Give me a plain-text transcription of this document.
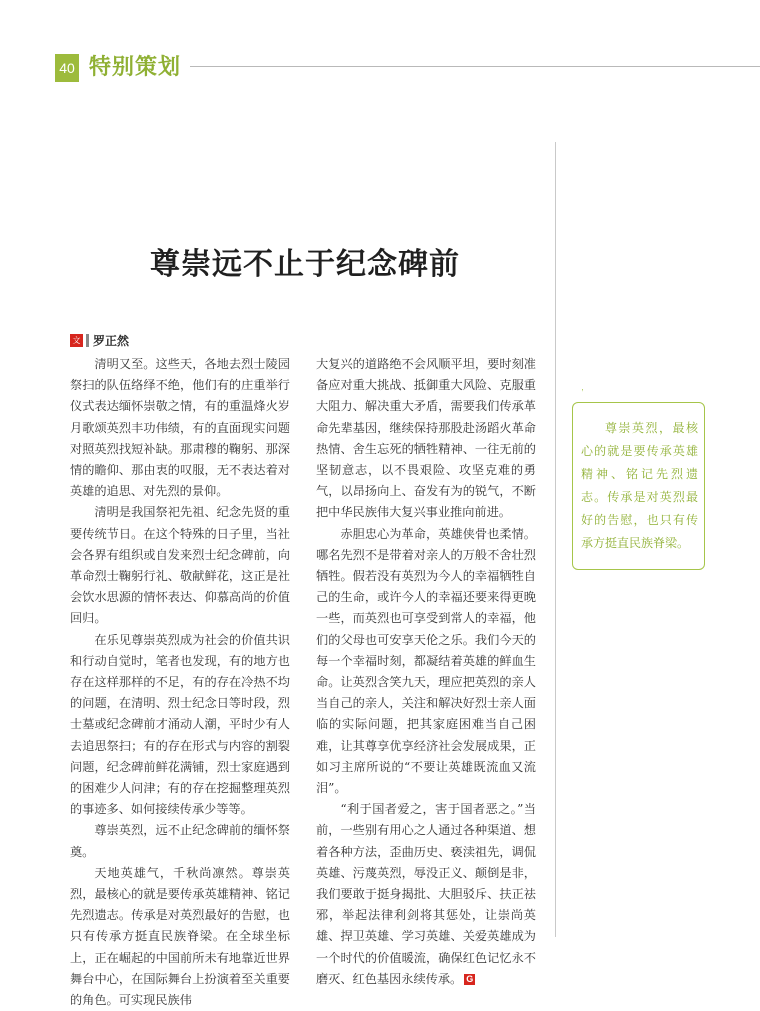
40 特别策划
尊崇远不止于纪念碑前
文 罗正然

清明又至。这些天，各地去烈士陵园祭扫的队伍络绎不绝，他们有的庄重举行仪式表达缅怀崇敬之情，有的重温烽火岁月歌颂英烈丰功伟绩，有的直面现实问题对照英烈找短补缺。那肃穆的鞠躬、那深情的瞻仰、那由衷的叹服，无不表达着对英雄的追思、对先烈的景仰。

清明是我国祭祀先祖、纪念先贤的重要传统节日。在这个特殊的日子里，当社会各界有组织或自发来烈士纪念碑前，向革命烈士鞠躬行礼、敬献鲜花，这正是社会饮水思源的情怀表达、仰慕高尚的价值回归。

在乐见尊崇英烈成为社会的价值共识和行动自觉时，笔者也发现，有的地方也存在这样那样的不足，有的存在冷热不均的问题，在清明、烈士纪念日等时段，烈士墓或纪念碑前才涌动人潮，平时少有人去追思祭扫；有的存在形式与内容的割裂问题，纪念碑前鲜花满铺，烈士家庭遇到的困难少人问津；有的存在挖掘整理英烈的事迹多、如何接续传承少等等。

尊崇英烈，远不止纪念碑前的缅怀祭奠。

天地英雄气，千秋尚凛然。尊崇英烈，最核心的就是要传承英雄精神、铭记先烈遗志。传承是对英烈最好的告慰，也只有传承方挺直民族脊梁。在全球坐标上，正在崛起的中国前所未有地靠近世界舞台中心，在国际舞台上扮演着至关重要的角色。可实现民族伟

大复兴的道路绝不会风顺平坦，要时刻准备应对重大挑战、抵御重大风险、克服重大阻力、解决重大矛盾，需要我们传承革命先辈基因，继续保持那股赴汤蹈火革命热情、舍生忘死的牺牲精神、一往无前的坚韧意志，以不畏艰险、攻坚克难的勇气，以昂扬向上、奋发有为的锐气，不断把中华民族伟大复兴事业推向前进。

赤胆忠心为革命，英雄侠骨也柔情。哪名先烈不是带着对亲人的万般不舍壮烈牺牲。假若没有英烈为今人的幸福牺牲自己的生命，或许今人的幸福还要来得更晚一些，而英烈也可享受到常人的幸福，他们的父母也可安享天伦之乐。我们今天的每一个幸福时刻，都凝结着英雄的鲜血生命。让英烈含笑九天，理应把英烈的亲人当自己的亲人，关注和解决好烈士亲人面临的实际问题，把其家庭困难当自己困难，让其尊享优享经济社会发展成果，正如习主席所说的“不要让英雄既流血又流泪”。

“利于国者爱之，害于国者恶之。”当前，一些别有用心之人通过各种渠道、想着各种方法，歪曲历史、亵渎祖先，调侃英雄、污蔑英烈，辱没正义、颠倒是非，我们要敢于挺身揭批、大胆驳斥、扶正祛邪，举起法律利剑将其惩处，让崇尚英雄、捍卫英雄、学习英雄、关爱英雄成为一个时代的价值暖流，确保红色记忆永不磨灭、红色基因永续传承。 G

尊崇英烈，最核心的就是要传承英雄精神、铭记先烈遗志。传承是对英烈最好的告慰，也只有传承方挺直民族脊梁。
